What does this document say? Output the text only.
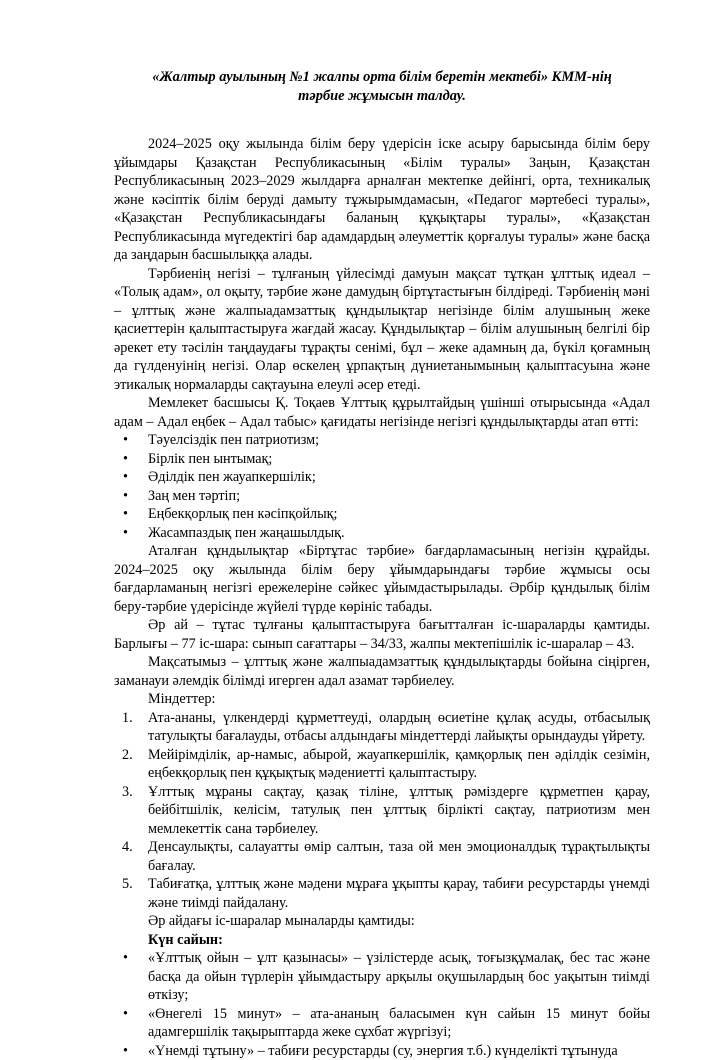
«Жалтыр ауылының №1 жалпы орта білім беретін мектебі» КММ-нің
тәрбие жұмысын талдау.

2024–2025 оқу жылында білім беру үдерісін іске асыру барысында білім беру ұйымдары Қазақстан Республикасының «Білім туралы» Заңын, Қазақстан Республикасының 2023–2029 жылдарға арналған мектепке дейінгі, орта, техникалық және кәсіптік білім беруді дамыту тұжырымдамасын, «Педагог мәртебесі туралы», «Қазақстан Республикасындағы баланың құқықтары туралы», «Қазақстан Республикасында мүгедектігі бар адамдардың әлеуметтік қорғалуы туралы» және басқа да заңдарын басшылыққа алады.

Тәрбиенің негізі – тұлғаның үйлесімді дамуын мақсат тұтқан ұлттық идеал – «Толық адам», ол оқыту, тәрбие және дамудың біртұтастығын білдіреді. Тәрбиенің мәні – ұлттық және жалпыадамзаттық құндылықтар негізінде білім алушының жеке қасиеттерін қалыптастыруға жағдай жасау. Құндылықтар – білім алушының белгілі бір әрекет ету тәсілін таңдаудағы тұрақты сенімі, бұл – жеке адамның да, бүкіл қоғамның да гүлденуінің негізі. Олар өскелең ұрпақтың дүниетанымының қалыптасуына және этикалық нормаларды сақтауына елеулі әсер етеді.

Мемлекет басшысы Қ. Тоқаев Ұлттық құрылтайдың үшінші отырысында «Адал адам – Адал еңбек – Адал табыс» қағидаты негізінде негізгі құндылықтарды атап өтті:

• Тәуелсіздік пен патриотизм;
• Бірлік пен ынтымақ;
• Әділдік пен жауапкершілік;
• Заң мен тәртіп;
• Еңбекқорлық пен кәсіпқойлық;
• Жасампаздық пен жаңашылдық.

Аталған құндылықтар «Біртұтас тәрбие» бағдарламасының негізін құрайды. 2024–2025 оқу жылында білім беру ұйымдарындағы тәрбие жұмысы осы бағдарламаның негізгі ережелеріне сәйкес ұйымдастырылады. Әрбір құндылық білім беру-тәрбие үдерісінде жүйелі түрде көрініс табады.

Әр ай – тұтас тұлғаны қалыптастыруға бағытталған іс-шараларды қамтиды. Барлығы – 77 іс-шара: сынып сағаттары – 34/33, жалпы мектепішілік іс-шаралар – 43.

Мақсатымыз – ұлттық және жалпыадамзаттық құндылықтарды бойына сіңірген, заманауи әлемдік білімді игерген адал азамат тәрбиелеу.

Міндеттер:

1. Ата-ананы, үлкендерді құрметтеуді, олардың өсиетіне құлақ асуды, отбасылық татулықты бағалауды, отбасы алдындағы міндеттерді лайықты орындауды үйрету.
2. Мейірімділік, ар-намыс, абырой, жауапкершілік, қамқорлық пен әділдік сезімін, еңбекқорлық пен құқықтық мәдениетті қалыптастыру.
3. Ұлттық мұраны сақтау, қазақ тіліне, ұлттық рәміздерге құрметпен қарау, бейбітшілік, келісім, татулық пен ұлттық бірлікті сақтау, патриотизм мен мемлекеттік сана тәрбиелеу.
4. Денсаулықты, салауатты өмір салтын, таза ой мен эмоционалдық тұрақтылықты бағалау.
5. Табиғатқа, ұлттық және мәдени мұраға ұқыпты қарау, табиғи ресурстарды үнемді және тиімді пайдалану.

Әр айдағы іс-шаралар мыналарды қамтиды:

Күн сайын:

• «Ұлттық ойын – ұлт қазынасы» – үзілістерде асық, тоғызқұмалақ, бес тас және басқа да ойын түрлерін ұйымдастыру арқылы оқушылардың бос уақытын тиімді өткізу;
• «Өнегелі 15 минут» – ата-ананың баласымен күн сайын 15 минут бойы адамгершілік тақырыптарда жеке сұхбат жүргізуі;
• «Үнемді тұтыну» – табиғи ресурстарды (су, энергия т.б.) күнделікті тұтынуда
